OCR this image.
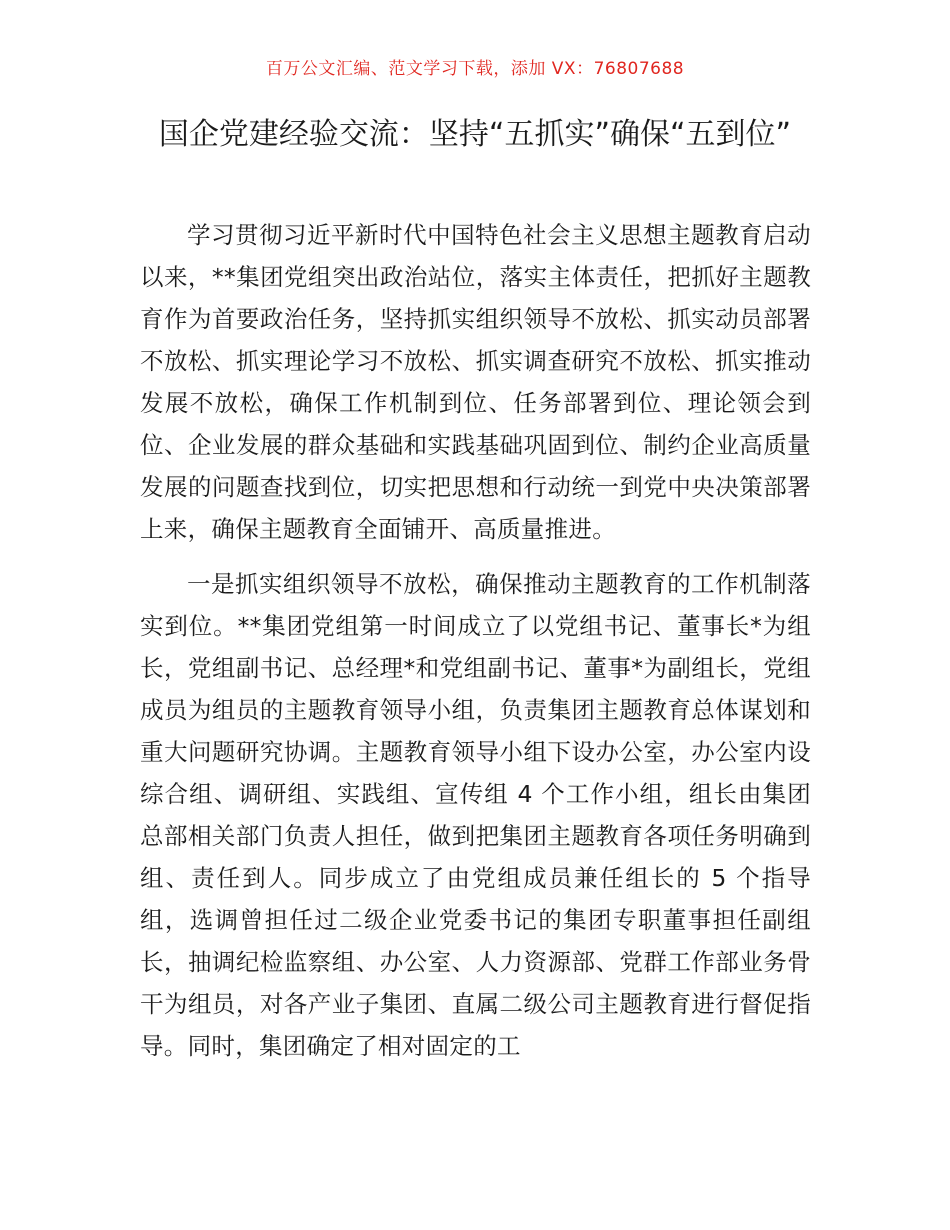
百万公文汇编、范文学习下载，添加 VX：76807688
国企党建经验交流：坚持“五抓实”确保“五到位”

学习贯彻习近平新时代中国特色社会主义思想主题教育启动以来，**集团党组突出政治站位，落实主体责任，把抓好主题教育作为首要政治任务，坚持抓实组织领导不放松、抓实动员部署不放松、抓实理论学习不放松、抓实调查研究不放松、抓实推动发展不放松，确保工作机制到位、任务部署到位、理论领会到位、企业发展的群众基础和实践基础巩固到位、制约企业高质量发展的问题查找到位，切实把思想和行动统一到党中央决策部署上来，确保主题教育全面铺开、高质量推进。

一是抓实组织领导不放松，确保推动主题教育的工作机制落实到位。**集团党组第一时间成立了以党组书记、董事长*为组长，党组副书记、总经理*和党组副书记、董事*为副组长，党组成员为组员的主题教育领导小组，负责集团主题教育总体谋划和重大问题研究协调。主题教育领导小组下设办公室，办公室内设综合组、调研组、实践组、宣传组 4 个工作小组，组长由集团总部相关部门负责人担任，做到把集团主题教育各项任务明确到组、责任到人。同步成立了由党组成员兼任组长的 5 个指导组，选调曾担任过二级企业党委书记的集团专职董事担任副组长，抽调纪检监察组、办公室、人力资源部、党群工作部业务骨干为组员，对各产业子集团、直属二级公司主题教育进行督促指导。同时，集团确定了相对固定的工
